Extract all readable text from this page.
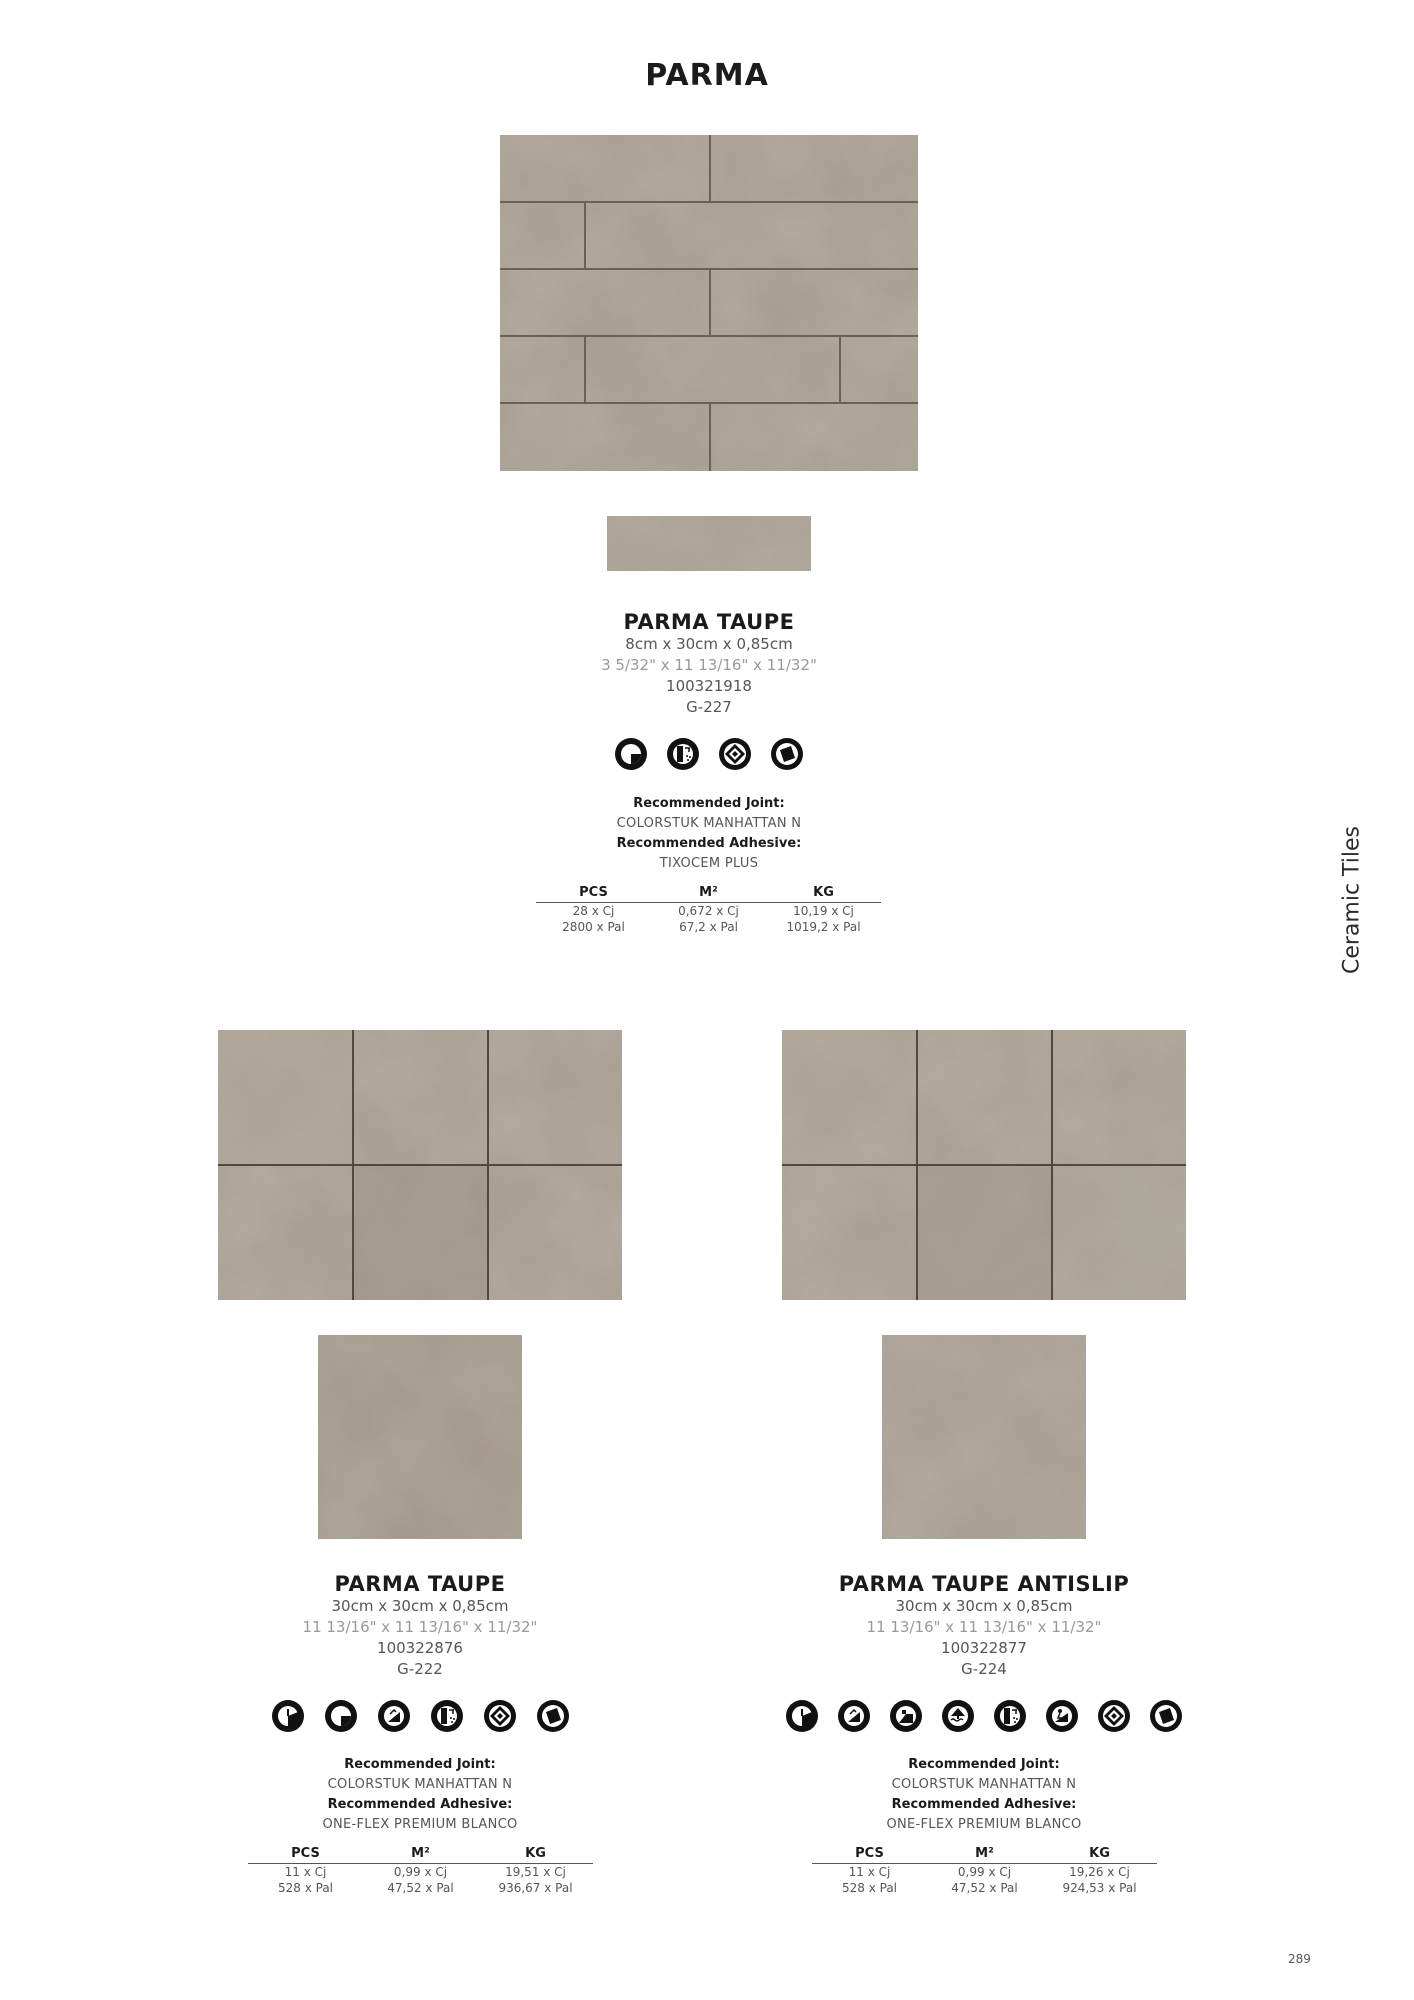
PARMA
Ceramic Tiles
289
PARMA TAUPE
8cm x 30cm x 0,85cm
3 5/32" x 11 13/16" x 11/32"
100321918
G-227
Recommended Joint:
COLORSTUK MANHATTAN N
Recommended Adhesive:
TIXOCEM PLUS
PCS	M²	KG
28 x Cj	0,672 x Cj	10,19 x Cj
2800 x Pal	67,2 x Pal	1019,2 x Pal
PARMA TAUPE
30cm x 30cm x 0,85cm
11 13/16" x 11 13/16" x 11/32"
100322876
G-222
Recommended Joint:
COLORSTUK MANHATTAN N
Recommended Adhesive:
ONE-FLEX PREMIUM BLANCO
PCS	M²	KG
11 x Cj	0,99 x Cj	19,51 x Cj
528 x Pal	47,52 x Pal	936,67 x Pal
PARMA TAUPE ANTISLIP
30cm x 30cm x 0,85cm
11 13/16" x 11 13/16" x 11/32"
100322877
G-224
Recommended Joint:
COLORSTUK MANHATTAN N
Recommended Adhesive:
ONE-FLEX PREMIUM BLANCO
PCS	M²	KG
11 x Cj	0,99 x Cj	19,26 x Cj
528 x Pal	47,52 x Pal	924,53 x Pal
